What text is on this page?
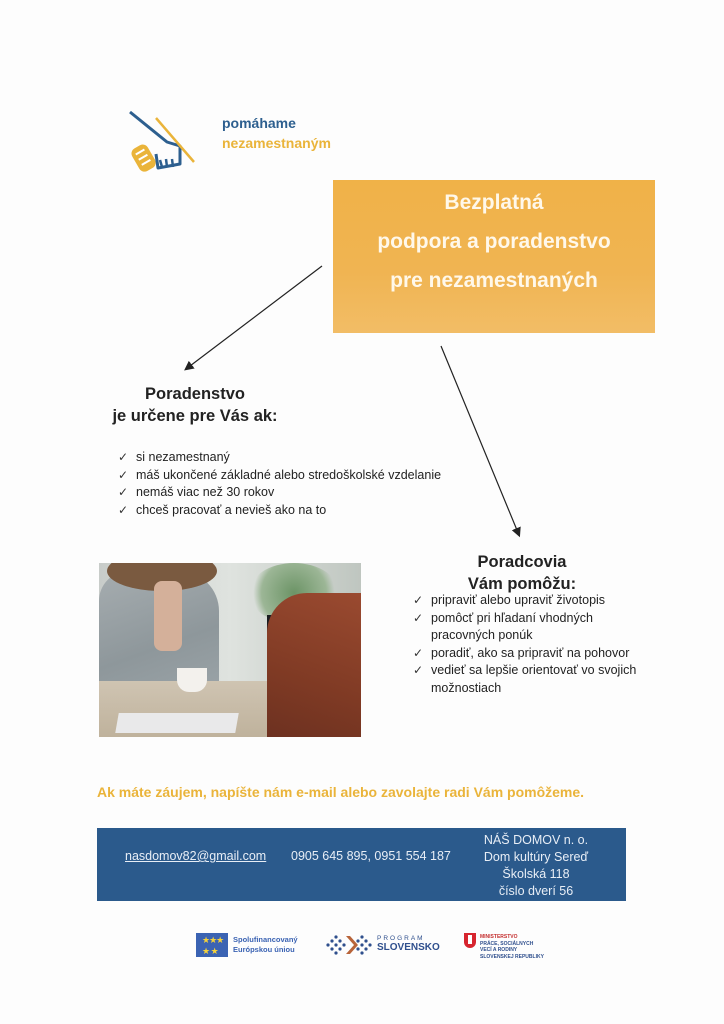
pomáhame
nezamestnaným
Bezplatná
podpora a poradenstvo
pre nezamestnaných
Poradenstvo
je určene pre Vás ak:
✓ si nezamestnaný
✓ máš ukončené základné alebo stredoškolské vzdelanie
✓ nemáš viac než 30 rokov
✓ chceš pracovať a nevieš ako na to
Poradcovia
Vám pomôžu:
✓ pripraviť alebo upraviť životopis
✓ pomôcť pri hľadaní vhodných pracovných ponúk
✓ poradiť, ako sa pripraviť na pohovor
✓ vedieť sa lepšie orientovať vo svojich možnostiach
Ak máte záujem, napíšte nám e-mail alebo zavolajte radi Vám pomôžeme.
nasdomov82@gmail.com 0905 645 895, 0951 554 187
NÁŠ DOMOV n. o.
Dom kultúry Sereď
Školská 118
číslo dverí 56
★★★
★ ★
Spolufinancovaný
Európskou úniou
PROGRAM
SLOVENSKO
MINISTERSTVO
PRÁCE, SOCIÁLNYCH
VECÍ A RODINY
SLOVENSKEJ REPUBLIKY
